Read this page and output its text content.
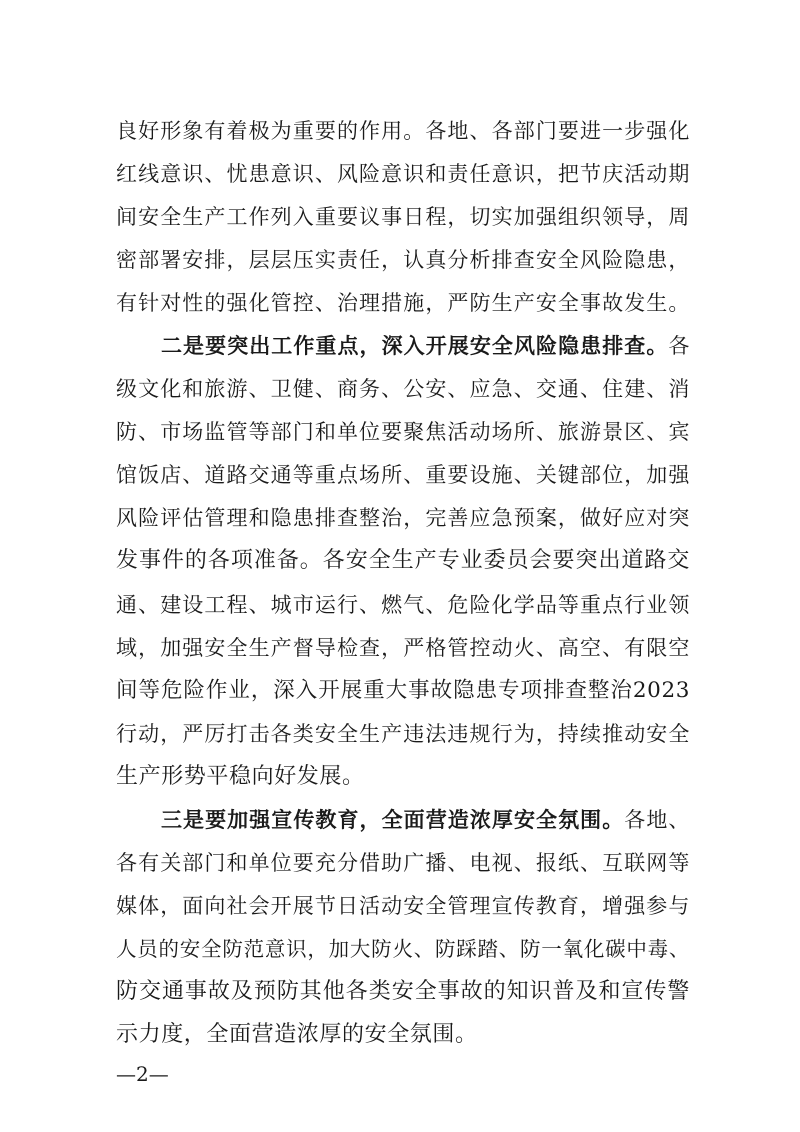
良好形象有着极为重要的作用。各地、各部门要进一步强化
红线意识、忧患意识、风险意识和责任意识，把节庆活动期
间安全生产工作列入重要议事日程，切实加强组织领导，周
密部署安排，层层压实责任，认真分析排查安全风险隐患，
有针对性的强化管控、治理措施，严防生产安全事故发生。
二是要突出工作重点，深入开展安全风险隐患排查。各
级文化和旅游、卫健、商务、公安、应急、交通、住建、消
防、市场监管等部门和单位要聚焦活动场所、旅游景区、宾
馆饭店、道路交通等重点场所、重要设施、关键部位，加强
风险评估管理和隐患排查整治，完善应急预案，做好应对突
发事件的各项准备。各安全生产专业委员会要突出道路交
通、建设工程、城市运行、燃气、危险化学品等重点行业领
域，加强安全生产督导检查，严格管控动火、高空、有限空
间等危险作业，深入开展重大事故隐患专项排查整治2023
行动，严厉打击各类安全生产违法违规行为，持续推动安全
生产形势平稳向好发展。
三是要加强宣传教育，全面营造浓厚安全氛围。各地、
各有关部门和单位要充分借助广播、电视、报纸、互联网等
媒体，面向社会开展节日活动安全管理宣传教育，增强参与
人员的安全防范意识，加大防火、防踩踏、防一氧化碳中毒、
防交通事故及预防其他各类安全事故的知识普及和宣传警
示力度，全面营造浓厚的安全氛围。
—2—
